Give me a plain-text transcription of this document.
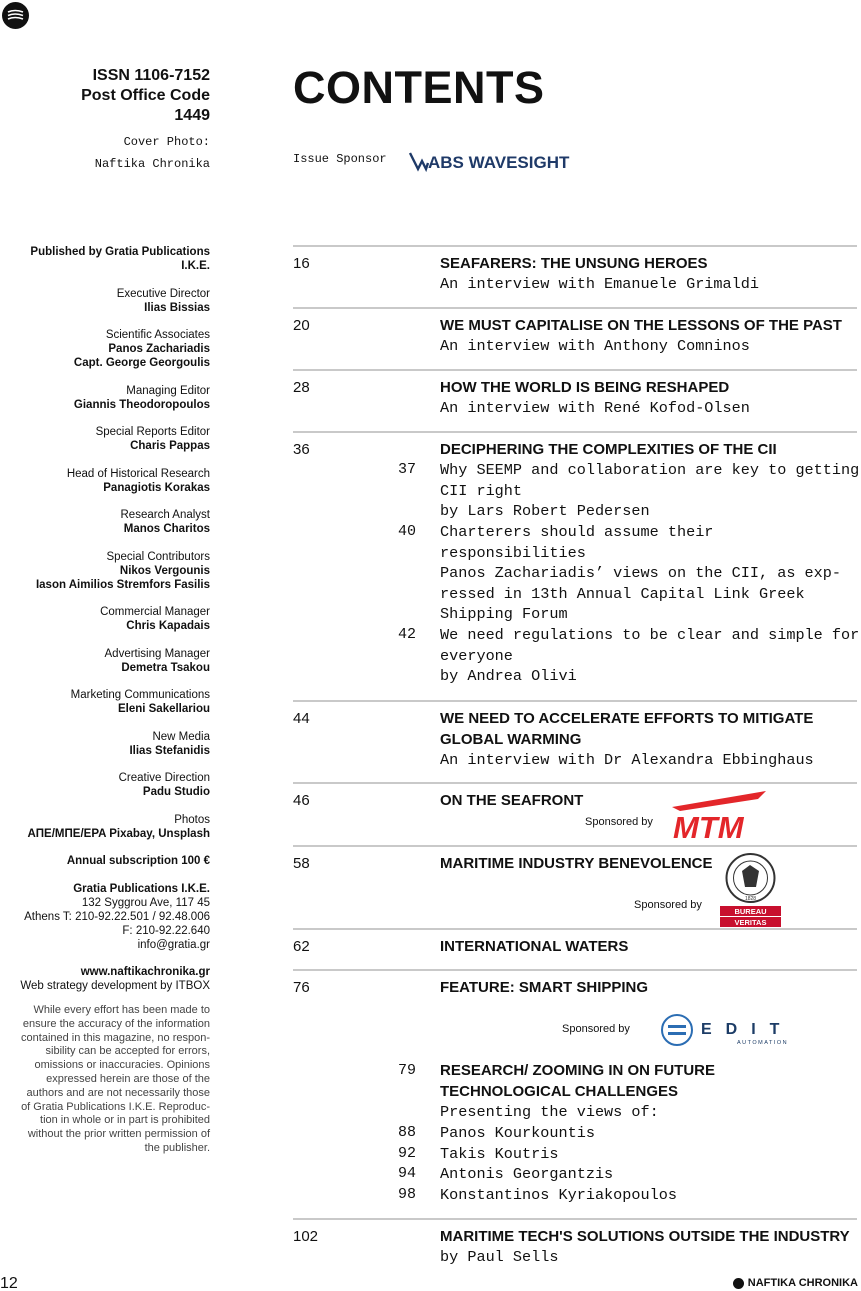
ISSN 1106-7152
Post Office Code
1449
Cover Photo:
Naftika Chronika
CONTENTS
Issue Sponsor ABS WAVESIGHT
Published by Gratia Publications
I.K.E.
Executive Director
Ilias Bissias
Scientific Associates
Panos Zachariadis
Capt. George Georgoulis
Managing Editor
Giannis Theodoropoulos
Special Reports Editor
Charis Pappas
Head of Historical Research
Panagiotis Korakas
Research Analyst
Manos Charitos
Special Contributors
Nikos Vergounis
Iason Aimilios Stremfors Fasilis
Commercial Manager
Chris Kapadais
Advertising Manager
Demetra Tsakou
Marketing Communications
Eleni Sakellariou
New Media
Ilias Stefanidis
Creative Direction
Padu Studio
Photos
ΑΠΕ/ΜΠΕ/EPA Pixabay, Unsplash
Annual subscription 100 €
Gratia Publications I.K.E.
132 Syggrou Ave, 117 45
Athens T: 210-92.22.501 / 92.48.006
F: 210-92.22.640
info@gratia.gr
www.naftikachronika.gr
Web strategy development by ITBOX
While every effort has been made to
ensure the accuracy of the information
contained in this magazine, no respon-
sibility can be accepted for errors,
omissions or inaccuracies. Opinions
expressed herein are those of the
authors and are not necessarily those
of Gratia Publications I.K.E. Reproduc-
tion in whole or in part is prohibited
without the prior written permission of
the publisher.
16	SEAFARERS: THE UNSUNG HEROES
An interview with Emanuele Grimaldi
20	WE MUST CAPITALISE ON THE LESSONS OF THE PAST
An interview with Anthony Comninos
28	HOW THE WORLD IS BEING RESHAPED
An interview with René Kofod-Olsen
36	DECIPHERING THE COMPLEXITIES OF THE CII
37 Why SEEMP and collaboration are key to getting
CII right
by Lars Robert Pedersen
40 Charterers should assume their
responsibilities
Panos Zachariadis’ views on the CII, as exp-
ressed in 13th Annual Capital Link Greek
Shipping Forum
42 We need regulations to be clear and simple for
everyone
by Andrea Olivi
44	WE NEED TO ACCELERATE EFFORTS TO MITIGATE
GLOBAL WARMING
An interview with Dr Alexandra Ebbinghaus
46	ON THE SEAFRONT
Sponsored by MTM
58	MARITIME INDUSTRY BENEVOLENCE
Sponsored by	1828
BUREAU
VERITAS
62	INTERNATIONAL WATERS
76	FEATURE: SMART SHIPPING
Sponsored by	EDIT
AUTOMATION
79 RESEARCH/ ZOOMING IN ON FUTURE
TECHNOLOGICAL CHALLENGES
Presenting the views of:
88 Panos Kourkountis
92 Takis Koutris
94 Antonis Georgantzis
98 Konstantinos Kyriakopoulos
102	MARITIME TECH'S SOLUTIONS OUTSIDE THE INDUSTRY
by Paul Sells
12	NAFTIKA CHRONIKA
